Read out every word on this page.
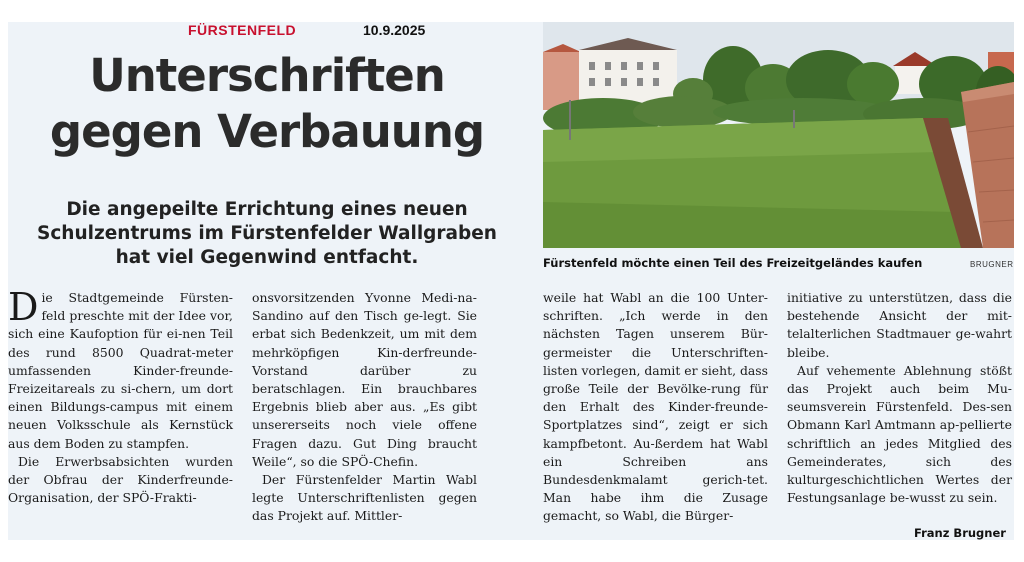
FÜRSTENFELD	10.9.2025
Unterschriften
gegen Verbauung
Die angepeilte Errichtung eines neuen
Schulzentrums im Fürstenfelder Wallgraben
hat viel Gegenwind entfacht.	Fürstenfeld möchte einen Teil des Freizeitgeländes kaufen	BRUGNER

Die Stadtgemeinde Fürsten-feld preschte mit der Idee vor, sich eine Kaufoption für ei-nen Teil des rund 8500 Quadrat-meter umfassenden Kinder-freunde-Freizeitareals zu si-chern, um dort einen Bildungs-campus mit einem neuen Volksschule als Kernstück aus dem Boden zu stampfen.

Die Erwerbsabsichten wurden der Obfrau der Kinderfreunde-Organisation, der SPÖ-Frakti-

onsvorsitzenden Yvonne Medi-na-Sandino auf den Tisch ge-legt. Sie erbat sich Bedenkzeit, um mit dem mehrköpfigen Kin-derfreunde-Vorstand darüber zu beratschlagen. Ein brauchbares Ergebnis blieb aber aus. „Es gibt unsererseits noch viele offene Fragen dazu. Gut Ding braucht Weile“, so die SPÖ-Chefin.

Der Fürstenfelder Martin Wabl legte Unterschriftenlisten gegen das Projekt auf. Mittler-

weile hat Wabl an die 100 Unter-schriften. „Ich werde in den nächsten Tagen unserem Bür-germeister die Unterschriften-listen vorlegen, damit er sieht, dass große Teile der Bevölke-rung für den Erhalt des Kinder-freunde-Sportplatzes sind“, zeigt er sich kampfbetont. Au-ßerdem hat Wabl ein Schreiben ans Bundesdenkmalamt gerich-tet. Man habe ihm die Zusage gemacht, so Wabl, die Bürger-

initiative zu unterstützen, dass die bestehende Ansicht der mit-telalterlichen Stadtmauer ge-wahrt bleibe.

Auf vehemente Ablehnung stößt das Projekt auch beim Mu-seumsverein Fürstenfeld. Des-sen Obmann Karl Amtmann ap-pellierte schriftlich an jedes Mitglied des Gemeinderates, sich des kulturgeschichtlichen Wertes der Festungsanlage be-wusst zu sein.

Franz Brugner
